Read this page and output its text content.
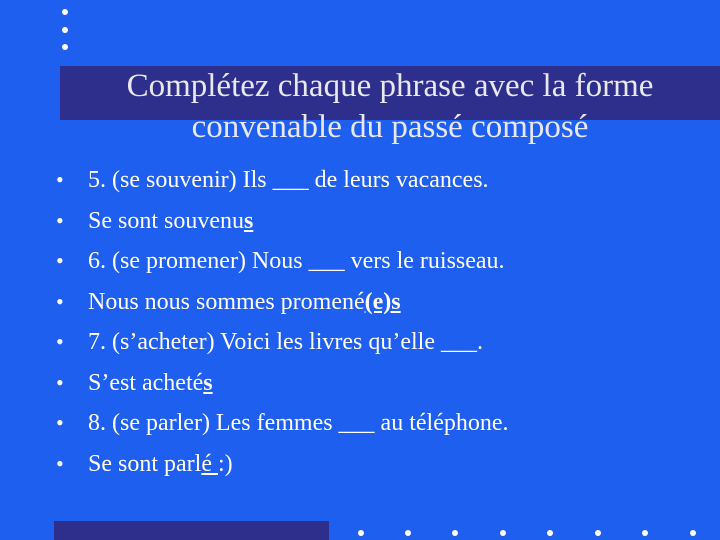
Complétez chaque phrase avec la forme
convenable du passé composé
• 5. (se souvenir) Ils ___ de leurs vacances.
• Se sont souvenus
• 6. (se promener) Nous ___ vers le ruisseau.
• Nous nous sommes promené(e)s
• 7. (s’acheter) Voici les livres qu’elle ___.
• S’est achetés
• 8. (se parler) Les femmes ___ au téléphone.
• Se sont parlé :)
